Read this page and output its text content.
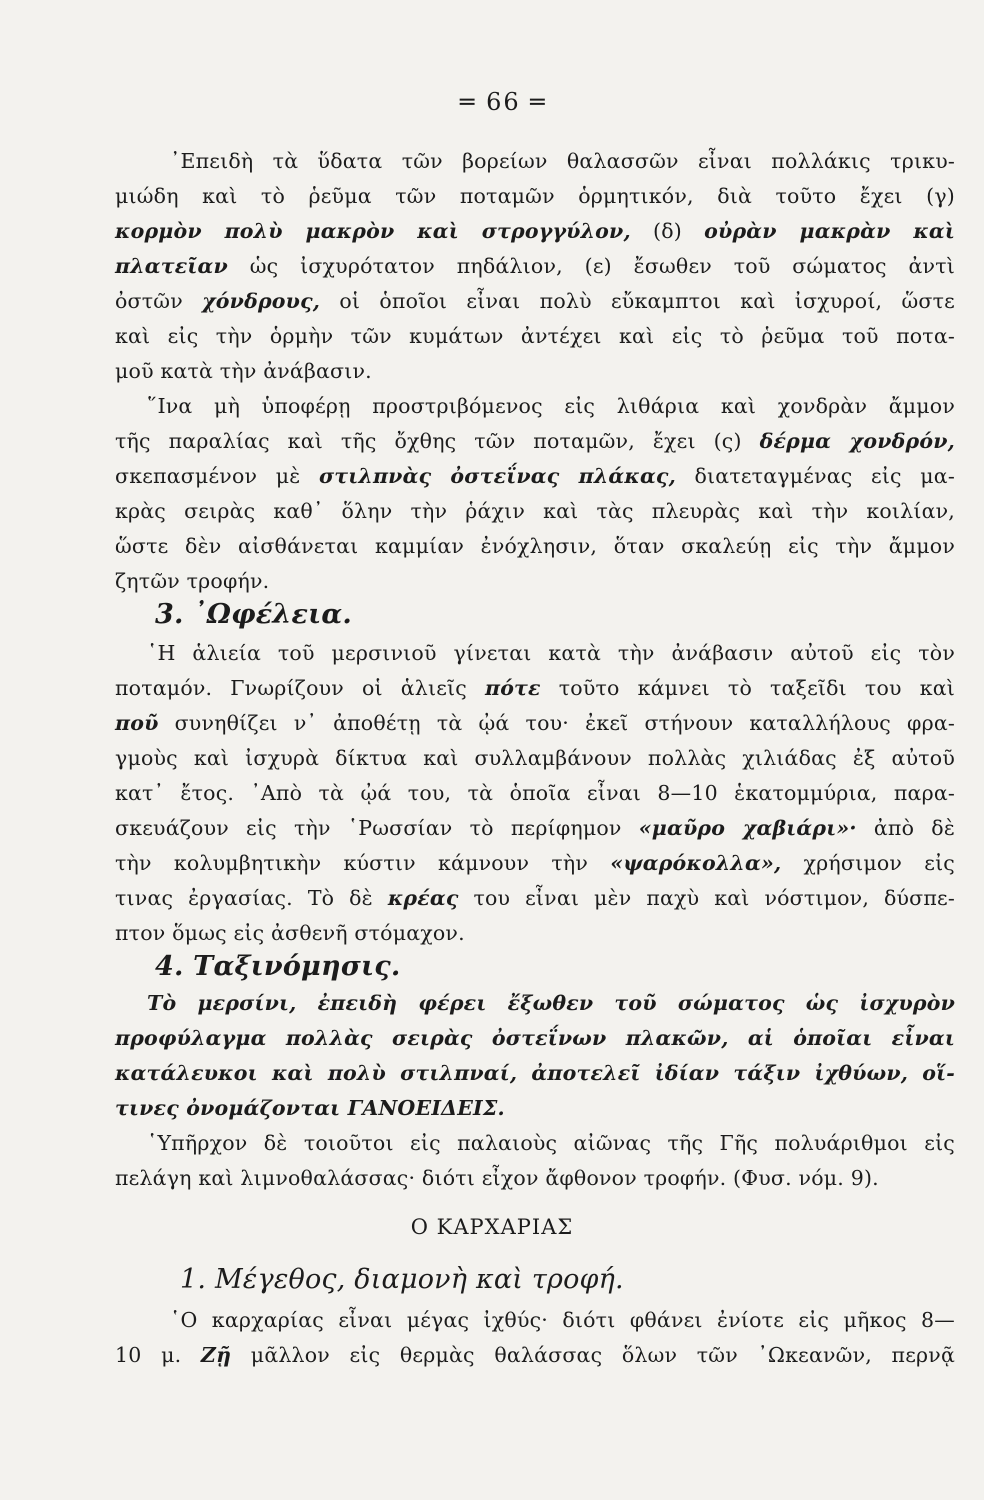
═ 66 ═
᾿Επειδὴ τὰ ὕδατα τῶν βορείων θαλασσῶν εἶναι πολλάκις τρικυ-
μιώδη καὶ τὸ ῥεῦμα τῶν ποταμῶν ὁρμητικόν, διὰ τοῦτο ἔχει (γ)
κορμὸν πολὺ μακρὸν καὶ στρογγύλον, (δ) οὐρὰν μακρὰν καὶ
πλατεῖαν ὡς ἰσχυρότατον πηδάλιον, (ε) ἔσωθεν τοῦ σώματος ἀντὶ
ὀστῶν χόνδρους, οἱ ὁποῖοι εἶναι πολὺ εὔκαμπτοι καὶ ἰσχυροί, ὥστε
καὶ εἰς τὴν ὁρμὴν τῶν κυμάτων ἀντέχει καὶ εἰς τὸ ῥεῦμα τοῦ ποτα-
μοῦ κατὰ τὴν ἀνάβασιν.
῞Ινα μὴ ὑποφέρῃ προστριβόμενος εἰς λιθάρια καὶ χονδρὰν ἄμμον
τῆς παραλίας καὶ τῆς ὄχθης τῶν ποταμῶν, ἔχει (ς) δέρμα χονδρόν,
σκεπασμένον μὲ στιλπνὰς ὀστεΐνας πλάκας, διατεταγμένας εἰς μα-
κρὰς σειρὰς καθ᾿ ὅλην τὴν ῥάχιν καὶ τὰς πλευρὰς καὶ τὴν κοιλίαν,
ὥστε δὲν αἰσθάνεται καμμίαν ἐνόχλησιν, ὅταν σκαλεύῃ εἰς τὴν ἄμμον
ζητῶν τροφήν.
3. ᾿Ωφέλεια.
῾Η ἁλιεία τοῦ μερσινιοῦ γίνεται κατὰ τὴν ἀνάβασιν αὐτοῦ εἰς τὸν
ποταμόν. Γνωρίζουν οἱ ἁλιεῖς πότε τοῦτο κάμνει τὸ ταξεῖδι του καὶ
ποῦ συνηθίζει ν᾿ ἀποθέτῃ τὰ ᾠά του· ἐκεῖ στήνουν καταλλήλους φρα-
γμοὺς καὶ ἰσχυρὰ δίκτυα καὶ συλλαμβάνουν πολλὰς χιλιάδας ἐξ αὐτοῦ
κατ᾿ ἔτος. ᾿Απὸ τὰ ᾠά του, τὰ ὁποῖα εἶναι 8—10 ἑκατομμύρια, παρα-
σκευάζουν εἰς τὴν ῾Ρωσσίαν τὸ περίφημον «μαῦρο χαβιάρι»· ἀπὸ δὲ
τὴν κολυμβητικὴν κύστιν κάμνουν τὴν «ψαρόκολλα», χρήσιμον εἰς
τινας ἐργασίας. Τὸ δὲ κρέας του εἶναι μὲν παχὺ καὶ νόστιμον, δύσπε-
πτον ὅμως εἰς ἀσθενῆ στόμαχον.
4. Ταξινόμησις.
Τὸ μερσίνι, ἐπειδὴ φέρει ἔξωθεν τοῦ σώματος ὡς ἰσχυρὸν
προφύλαγμα πολλὰς σειρὰς ὀστεΐνων πλακῶν, αἱ ὁποῖαι εἶναι
κατάλευκοι καὶ πολὺ στιλπναί, ἀποτελεῖ ἰδίαν τάξιν ἰχθύων, οἵ-
τινες ὀνομάζονται ΓΑΝΟΕΙΔΕΙΣ.
῾Υπῆρχον δὲ τοιοῦτοι εἰς παλαιοὺς αἰῶνας τῆς Γῆς πολυάριθμοι εἰς
πελάγη καὶ λιμνοθαλάσσας· διότι εἶχον ἄφθονον τροφήν. (Φυσ. νόμ. 9).
1. Μέγεθος, διαμονὴ καὶ τροφή.
῾Ο καρχαρίας εἶναι μέγας ἰχθύς· διότι φθάνει ἐνίοτε εἰς μῆκος 8—
10 μ. Ζῇ μᾶλλον εἰς θερμὰς θαλάσσας ὅλων τῶν ᾿Ωκεανῶν, περνᾷ
Ο ΚΑΡΧΑΡΙΑΣ
